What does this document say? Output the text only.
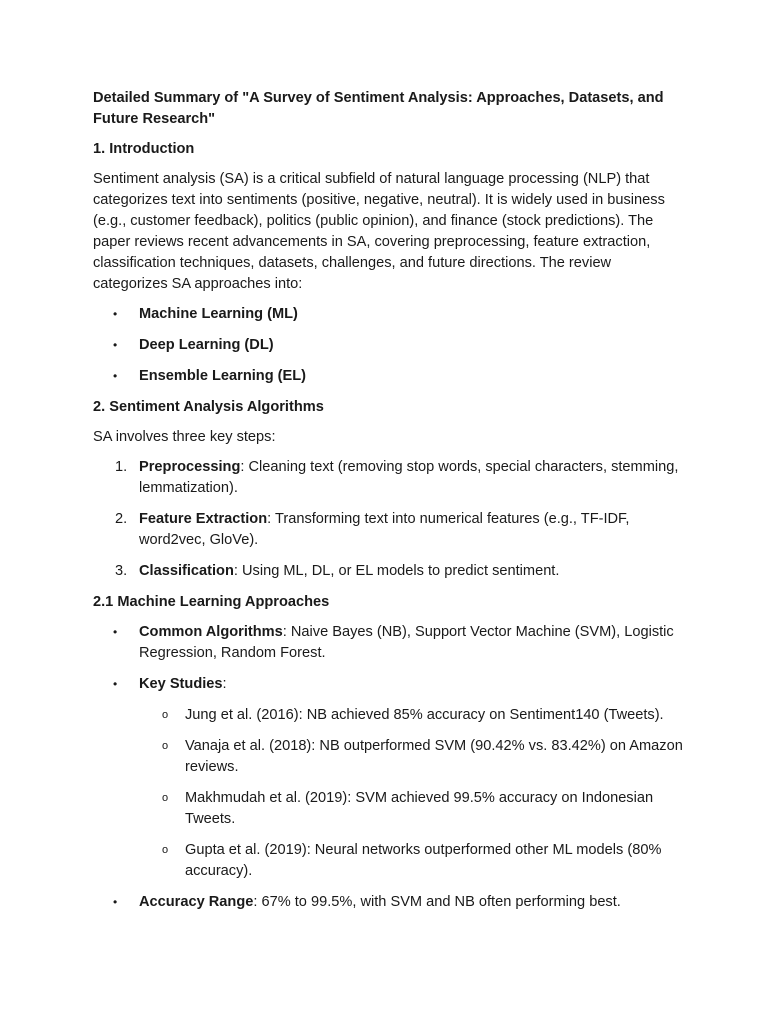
Detailed Summary of "A Survey of Sentiment Analysis: Approaches, Datasets, and Future Research"

1. Introduction

Sentiment analysis (SA) is a critical subfield of natural language processing (NLP) that categorizes text into sentiments (positive, negative, neutral). It is widely used in business (e.g., customer feedback), politics (public opinion), and finance (stock predictions). The paper reviews recent advancements in SA, covering preprocessing, feature extraction, classification techniques, datasets, challenges, and future directions. The review categorizes SA approaches into:

• Machine Learning (ML)
• Deep Learning (DL)
• Ensemble Learning (EL)

2. Sentiment Analysis Algorithms

SA involves three key steps:

1. Preprocessing: Cleaning text (removing stop words, special characters, stemming, lemmatization).
2. Feature Extraction: Transforming text into numerical features (e.g., TF-IDF, word2vec, GloVe).
3. Classification: Using ML, DL, or EL models to predict sentiment.

2.1 Machine Learning Approaches

• Common Algorithms: Naive Bayes (NB), Support Vector Machine (SVM), Logistic Regression, Random Forest.
• Key Studies:
o Jung et al. (2016): NB achieved 85% accuracy on Sentiment140 (Tweets).
o Vanaja et al. (2018): NB outperformed SVM (90.42% vs. 83.42%) on Amazon reviews.
o Makhmudah et al. (2019): SVM achieved 99.5% accuracy on Indonesian Tweets.
o Gupta et al. (2019): Neural networks outperformed other ML models (80% accuracy).
• Accuracy Range: 67% to 99.5%, with SVM and NB often performing best.
